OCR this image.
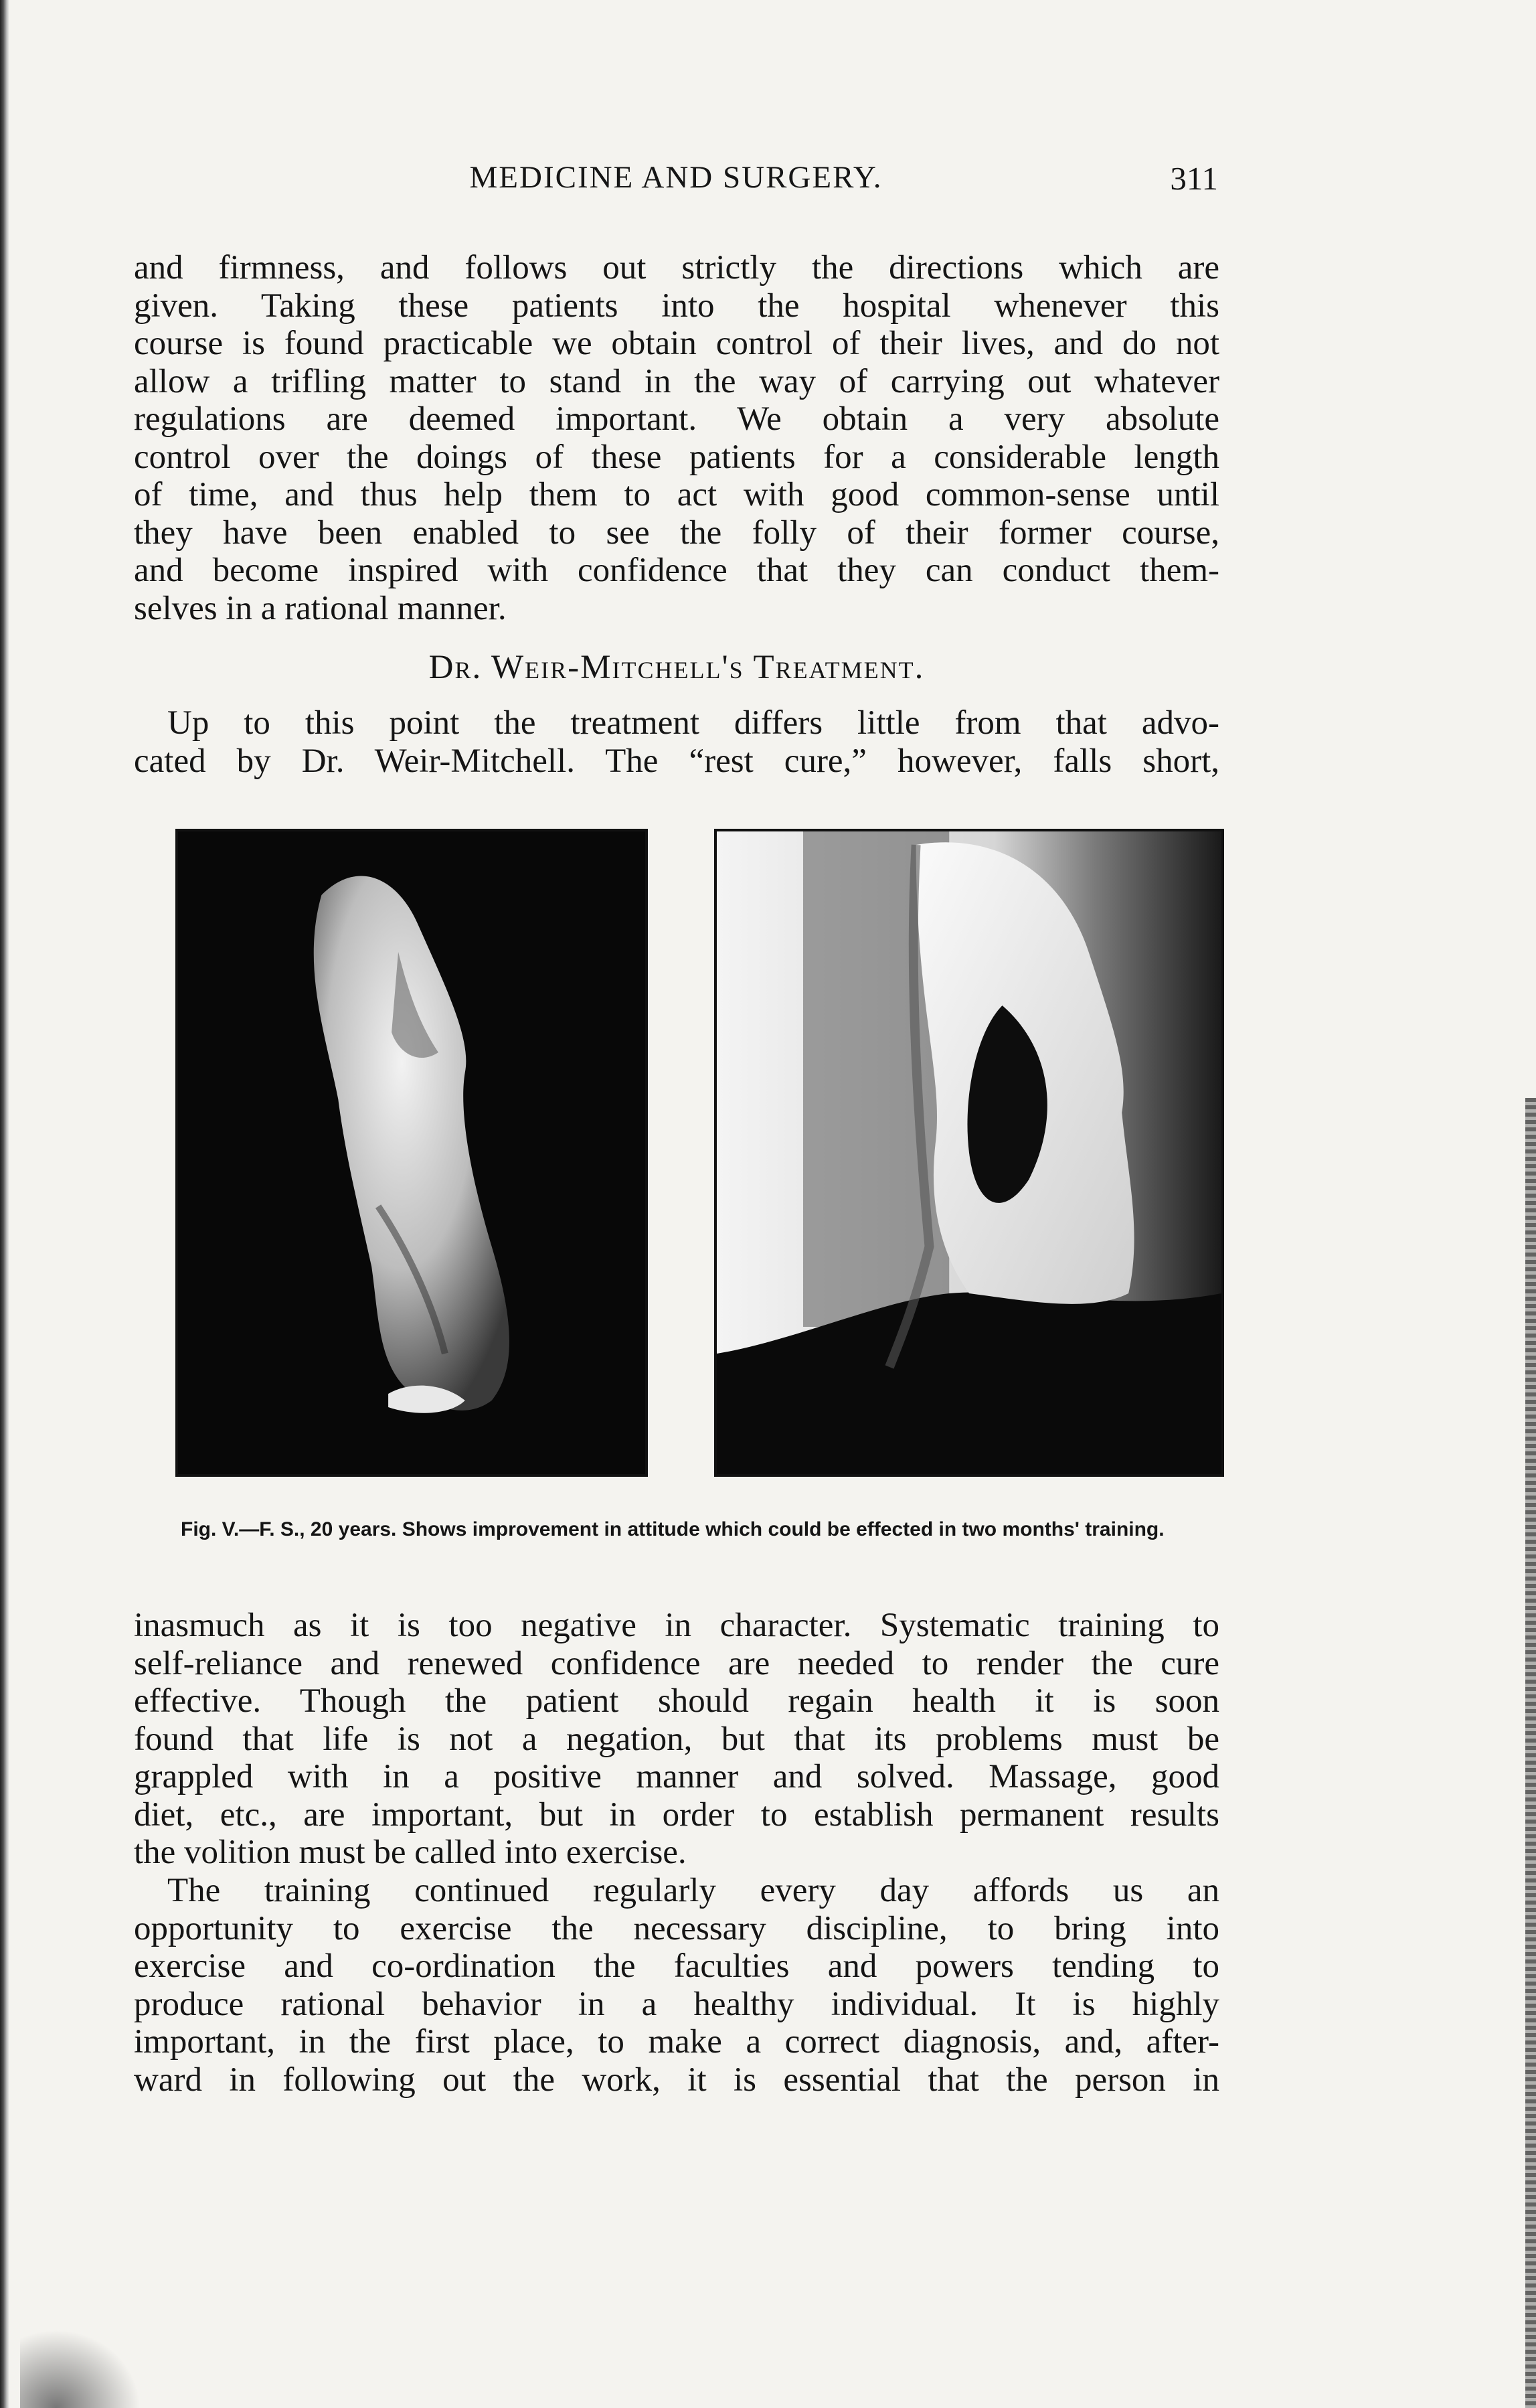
MEDICINE AND SURGERY.	311

and firmness, and follows out strictly the directions which are

given. Taking these patients into the hospital whenever this

course is found practicable we obtain control of their lives, and do not

allow a trifling matter to stand in the way of carrying out whatever

regulations are deemed important. We obtain a very absolute

control over the doings of these patients for a considerable length

of time, and thus help them to act with good common-sense until

they have been enabled to see the folly of their former course,

and become inspired with confidence that they can conduct them-

selves in a rational manner.

Dr. Weir-Mitchell's Treatment.

Up to this point the treatment differs little from that advo-

cated by Dr. Weir-Mitchell. The “rest cure,” however, falls short,

Fig. V.—F. S., 20 years. Shows improvement in attitude which could be effected in two months' training.

inasmuch as it is too negative in character. Systematic training to

self-reliance and renewed confidence are needed to render the cure

effective. Though the patient should regain health it is soon

found that life is not a negation, but that its problems must be

grappled with in a positive manner and solved. Massage, good

diet, etc., are important, but in order to establish permanent results

the volition must be called into exercise.

The training continued regularly every day affords us an

opportunity to exercise the necessary discipline, to bring into

exercise and co-ordination the faculties and powers tending to

produce rational behavior in a healthy individual. It is highly

important, in the first place, to make a correct diagnosis, and, after-

ward in following out the work, it is essential that the person in
